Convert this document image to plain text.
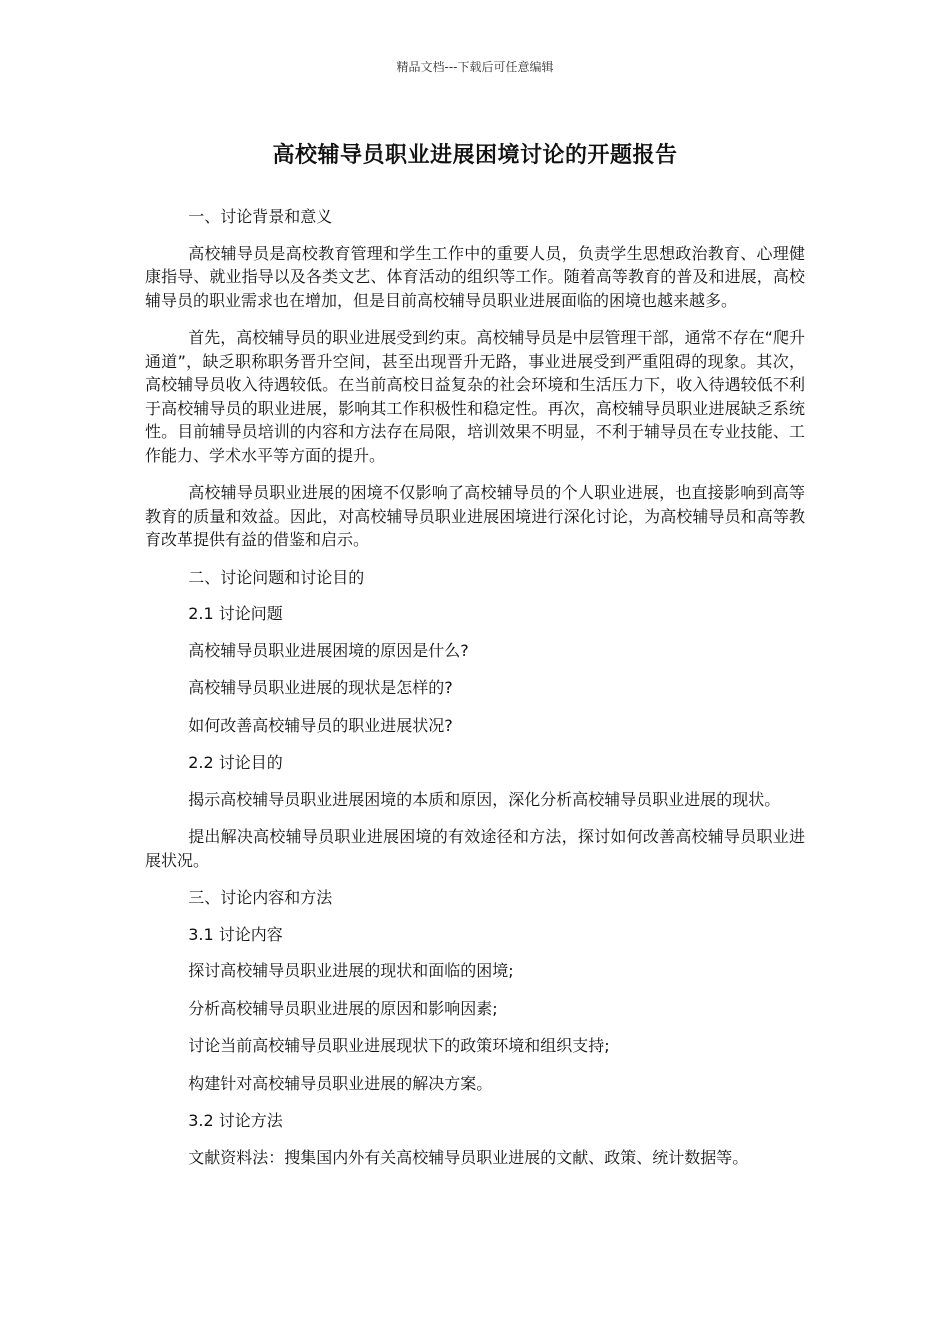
精品文档---下载后可任意编辑
高校辅导员职业进展困境讨论的开题报告

一、讨论背景和意义

高校辅导员是高校教育管理和学生工作中的重要人员，负责学生思想政治教育、心理健康指导、就业指导以及各类文艺、体育活动的组织等工作。随着高等教育的普及和进展，高校辅导员的职业需求也在增加，但是目前高校辅导员职业进展面临的困境也越来越多。

首先，高校辅导员的职业进展受到约束。高校辅导员是中层管理干部，通常不存在“爬升通道”，缺乏职称职务晋升空间，甚至出现晋升无路，事业进展受到严重阻碍的现象。其次，高校辅导员收入待遇较低。在当前高校日益复杂的社会环境和生活压力下，收入待遇较低不利于高校辅导员的职业进展，影响其工作积极性和稳定性。再次，高校辅导员职业进展缺乏系统性。目前辅导员培训的内容和方法存在局限，培训效果不明显，不利于辅导员在专业技能、工作能力、学术水平等方面的提升。

高校辅导员职业进展的困境不仅影响了高校辅导员的个人职业进展，也直接影响到高等教育的质量和效益。因此，对高校辅导员职业进展困境进行深化讨论，为高校辅导员和高等教育改革提供有益的借鉴和启示。

二、讨论问题和讨论目的

2.1 讨论问题

高校辅导员职业进展困境的原因是什么?

高校辅导员职业进展的现状是怎样的?

如何改善高校辅导员的职业进展状况?

2.2 讨论目的

揭示高校辅导员职业进展困境的本质和原因，深化分析高校辅导员职业进展的现状。

提出解决高校辅导员职业进展困境的有效途径和方法，探讨如何改善高校辅导员职业进展状况。

三、讨论内容和方法

3.1 讨论内容

探讨高校辅导员职业进展的现状和面临的困境;

分析高校辅导员职业进展的原因和影响因素;

讨论当前高校辅导员职业进展现状下的政策环境和组织支持;

构建针对高校辅导员职业进展的解决方案。

3.2 讨论方法

文献资料法：搜集国内外有关高校辅导员职业进展的文献、政策、统计数据等。
